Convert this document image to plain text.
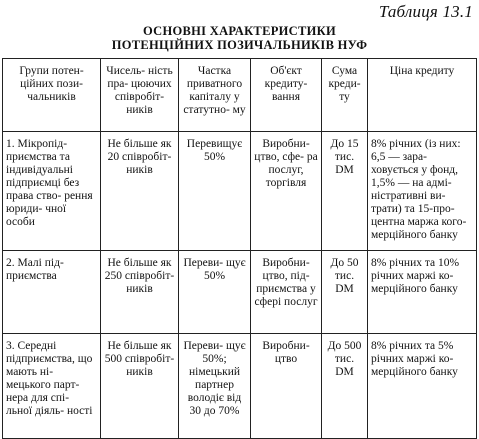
Таблиця 13.1
ОСНОВНІ ХАРАКТЕРИСТИКИ
ПОТЕНЦІЙНИХ ПОЗИЧАЛЬНИКІВ НУФ
Групи потен- ційних пози- чальників	Чисель- ність пра- цюючих співробіт- ників	Частка приватного капіталу у статутно- му	Об'єкт кредиту- вання	Сума креди- ту	Ціна кредиту
1. Мікропід- приємства та індивідуальні підприємці без права ство- рення юриди- чної особи	Не більше як 20 співробіт- ників	Перевищує 50%	Виробни- цтво, сфе- ра послуг, торгівля	До 15 тис. DM	8% річних (із них: 6,5 — зара- ховується у фонд, 1,5% — на адмі- ністративні ви- трати) та 15-про- центна маржа кого- мерційного банку
2. Малі під- приємства	Не більше як 250 співробіт- ників	Переви- щує 50%	Виробни- цтво, під- приємства у сфері послуг	До 50 тис. DM	8% річних та 10% річних маржі ко- мерційного банку
3. Середні підприємства, що мають ні- мецького парт- нера для спі- льної діяль- ності	Не більше як 500 співробіт- ників	Переви- щує 50%; німецький партнер володіє від 30 до 70%	Виробни- цтво	До 500 тис. DM	8% річних та 5% річних маржі ко- мерційного банку
